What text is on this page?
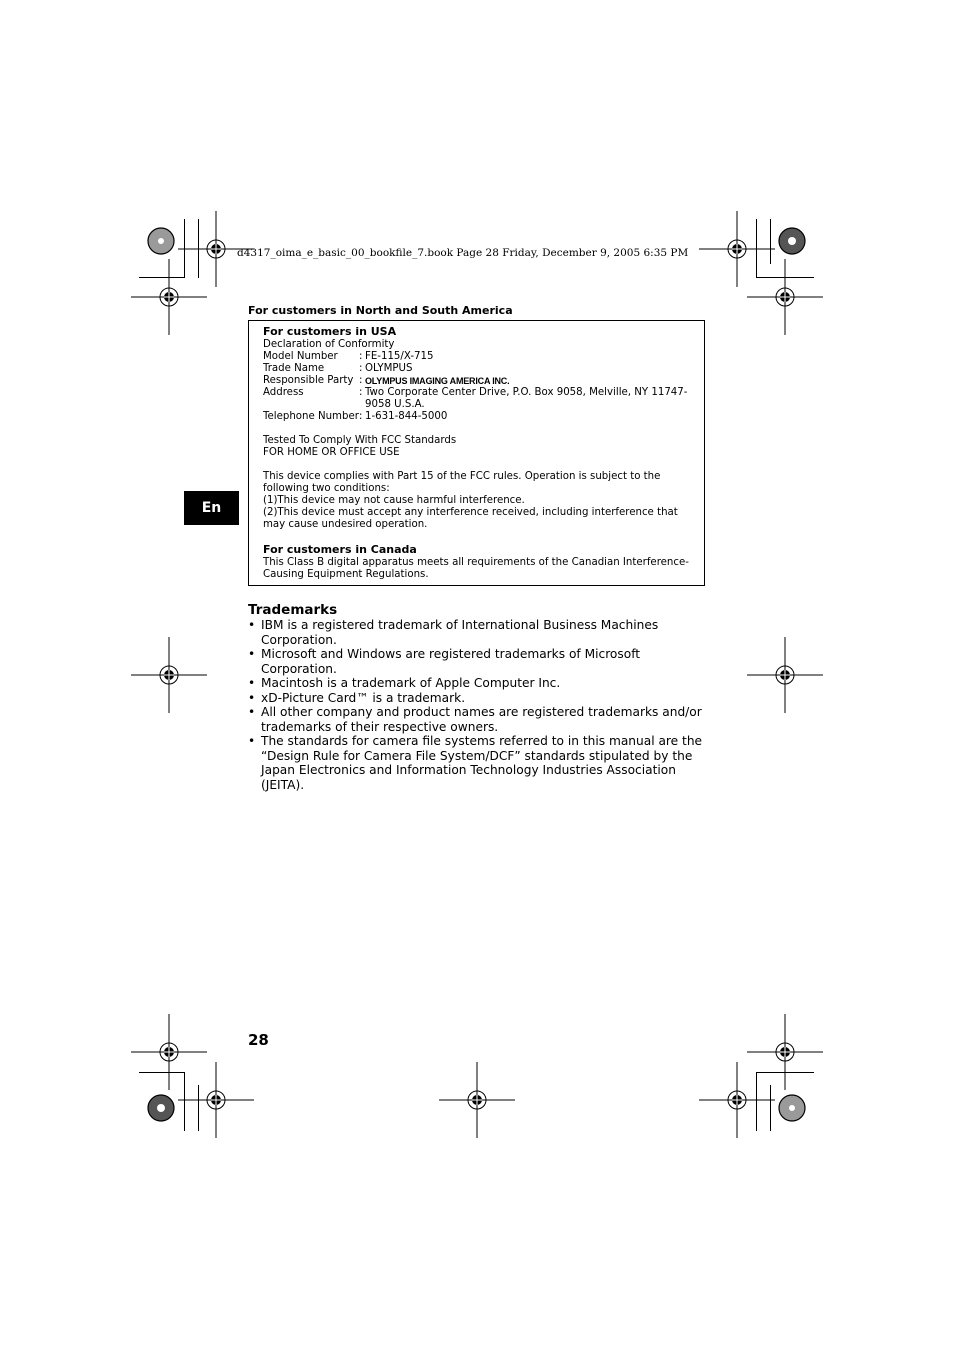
d4317_oima_e_basic_00_bookfile_7.book Page 28 Friday, December 9, 2005 6:35 PM
For customers in North and South America
For customers in USA
Declaration of Conformity
Model Number	: FE-115/X-715
Trade Name	: OLYMPUS
Responsible Party : OLYMPUS IMAGING AMERICA INC.
Address	: Two Corporate Center Drive, P.O. Box 9058, Melville, NY 11747-9058 U.S.A.
Telephone Number : 1-631-844-5000
Tested To Comply With FCC Standards
FOR HOME OR OFFICE USE
This device complies with Part 15 of the FCC rules. Operation is subject to the following two conditions:
(1)This device may not cause harmful interference.
(2)This device must accept any interference received, including interference that may cause undesired operation.
For customers in Canada
This Class B digital apparatus meets all requirements of the Canadian Interference-Causing Equipment Regulations.
En
Trademarks
• IBM is a registered trademark of International Business Machines Corporation.
• Microsoft and Windows are registered trademarks of Microsoft Corporation.
• Macintosh is a trademark of Apple Computer Inc.
• xD-Picture Card™ is a trademark.
• All other company and product names are registered trademarks and/or trademarks of their respective owners.
• The standards for camera file systems referred to in this manual are the “Design Rule for Camera File System/DCF” standards stipulated by the Japan Electronics and Information Technology Industries Association (JEITA).
28
